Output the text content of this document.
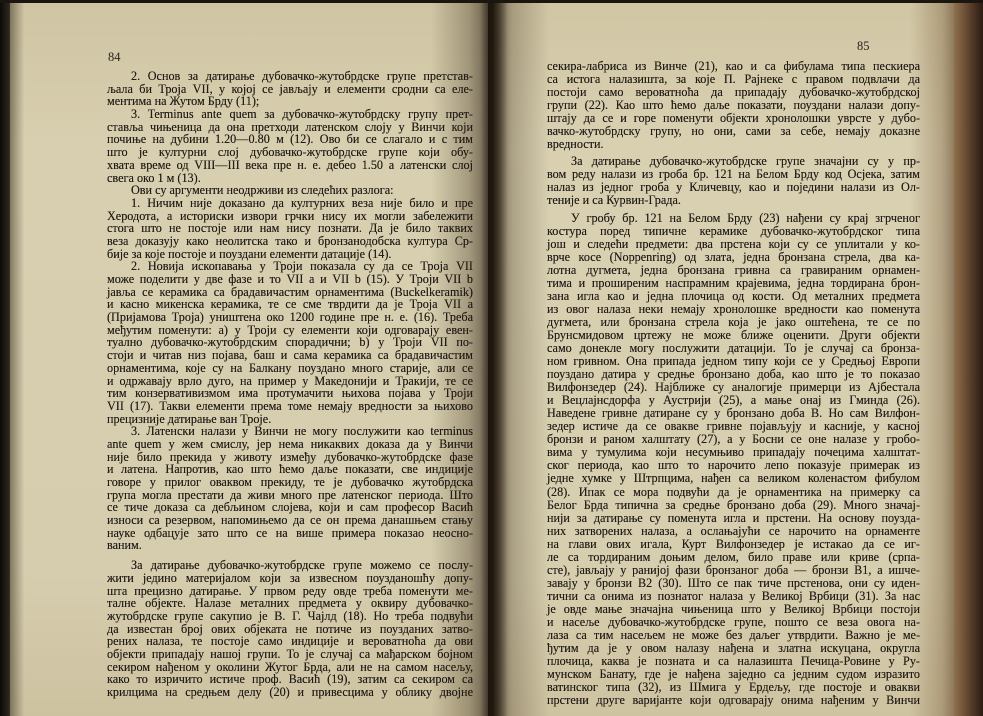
84
2. Основ за датирање дубовачко-жутобрдске групе претстав-
љала би Троја VII, у којој се јављају и елементи сродни са еле-
ментима на Жутом Брду (11);
3. Terminus ante quem за дубовачко-жутобрдску групу прет-
ставља чињеница да она претходи латенском слоју у Винчи који
почиње на дубини 1.20—0.80 м (12). Ово би се слагало и с тим
што је културни слој дубовачко-жутобрдске групе који обу-
хвата време од VIII—III века пре н. е. дебео 1.50 а латенски слој
свега око 1 м (13).
Ови су аргументи неодрживи из следећих разлога:
1. Ничим није доказано да културних веза није било и пре
Херодота, а историски извори грчки нису их могли забележити
стога што не постоје или нам нису познати. Да је било таквих
веза доказују како неолитска тако и бронзанодобска култура Ср-
бије за које постоје и поуздани елементи датације (14).
2. Новија ископавања у Троји показала су да се Троја VII
може поделити у две фазе и то VII a и VII b (15). У Троји VII b
јавља се керамика са брадавичастим орнаментима (Buckelkeramik)
и касно микенска керамика, те се сме тврдити да је Троја VII a
(Пријамова Троја) уништена око 1200 године пре н. е. (16). Треба
међутим поменути: a) у Троји су елементи који одговарају евен-
туално дубовачко-жутобрдским спорадични; b) у Троји VII по-
стоји и читав низ појава, баш и сама керамика са брадавичастим
орнаментима, које су на Балкану поуздано много старије, али се
и одржавају врло дуго, на пример у Македонији и Тракији, те се
тим конзервативизмом има протумачити њихова појава у Троји
VII (17). Такви елементи према томе немају вредности за њихово
прецизније датирање ван Троје.
3. Латенски налази у Винчи не могу послужити као terminus
ante quem у жем смислу, јер нема никаквих доказа да у Винчи
није било прекида у животу између дубовачко-жутобрдске фазе
и латена. Напротив, као што ћемо даље показати, све индиције
говоре у прилог оваквом прекиду, те је дубовачко жутобрдска
група могла престати да живи много пре латенског периода. Што
се тиче доказа са дебљином слојева, који и сам професор Васић
износи са резервом, напомињемо да се он према данашњем стању
науке одбацује зато што се на више примера показао неосно-
ваним.
За датирање дубовачко-жутобрдске групе можемо се послу-
жити једино материјалом који за извесном поузданошћу допу-
шта прецизно датирање. У првом реду овде треба поменути ме-
талне објекте. Налазе металних предмета у оквиру дубовачко-
жутобрдске групе сакупио је В. Г. Чајлд (18). Но треба подвући
да известан број ових објеката не потиче из поузданих затво-
рених налаза, те постоје само индиције и вероватноћа да ови
објекти припадају нашој групи. То је случај са мађарском бојном
секиром нађеном у околини Жутог Брда, али не на самом насељу,
како то изричито истиче проф. Васић (19), затим са секиром са
крилцима на средњем делу (20) и привесцима у облику двојне
85
секира-лабриса из Винче (21), као и са фибулама типа пескиера
са истога налазишта, за које П. Рајнеке с правом подвлачи да
постоји само вероватноћа да припадају дубовачко-жутобрдској
групи (22). Као што ћемо даље показати, поуздани налази допу-
штају да се и горе поменути објекти хронолошки уврсте у дубо-
вачко-жутобрдску групу, но они, сами за себе, немају доказне
вредности.
За датирање дубовачко-жутобрдске групе значајни су у пр-
вом реду налази из гроба бр. 121 на Белом Брду код Осјека, затим
налаз из једног гроба у Кличевцу, као и поједини налази из Ол-
теније и са Курвин-Града.
У гробу бр. 121 на Белом Брду (23) нађени су крај згрченог
костура поред типичне керамике дубовачко-жутобрдског типа
још и следећи предмети: два прстена који су се уплитали у ко-
врче косе (Noppenring) од злата, једна бронзана стрела, два ка-
лотна дугмета, једна бронзана гривна са гравираним орнамен-
тима и проширеним наспрамним крајевима, једна тордирана брон-
зана игла као и једна плочица од кости. Од металних предмета
из овог налаза неки немају хронолошке вредности као поменута
дугмета, или бронзана стрела која је јако оштећена, те се по
Брунсмидовом цртежу не може ближе оценити. Други објекти
само донекле могу послужити датацији. То је случај са бронза-
ном гривном. Она припада једном типу који се у Средњој Европи
поуздано датира у средње бронзано доба, као што је то показао
Вилфонзедер (24). Најближе су аналогије примерци из Ајбестала
и Вецлајнсдорфа у Аустрији (25), а мање онај из Гминда (26).
Наведене гривне датиране су у бронзано доба B. Но сам Вилфон-
зедер истиче да се овакве гривне појављују и касније, у касној
бронзи и раном халштату (27), а у Босни се оне налазе у гробо-
вима у тумулима који несумњиво припадају почецима халштат-
ског периода, као што то нарочито лепо показује примерак из
једне хумке у Штрпцима, нађен са великом коленастом фибулом
(28). Ипак се мора подвући да је орнаментика на примерку са
Белог Брда типична за средње бронзано доба (29). Много значај-
нији за датирање су поменута игла и прстени. На основу поузда-
них затворених налаза, а ослањајући се нарочито на орнаменте
на глави ових игала, Курт Вилфонзедер је истакао да се иг-
ле са тордираним доњим делом, било праве или криве (српа-
сте), јављају у ранијој фази бронзаног доба — бронзи B1, а ишче-
завају у бронзи B2 (30). Што се пак тиче прстенова, они су иден-
тични са онима из познатог налаза у Великој Врбици (31). За нас
је овде мање значајна чињеница што у Великој Врбици постоји
и насеље дубовачко-жутобрдске групе, пошто се веза овога на-
лаза са тим насељем не може без даљег утврдити. Важно је ме-
ђутим да је у овом налазу нађена и златна искуцана, округла
плочица, каква је позната и са налазишта Печица-Ровине у Ру-
мунском Банату, где је нађена заједно са једним судом изразито
ватинског типа (32), из Шмига у Ердељу, где постоје и овакви
прстени друге варијанте који одговарају онима нађеним у Винчи
